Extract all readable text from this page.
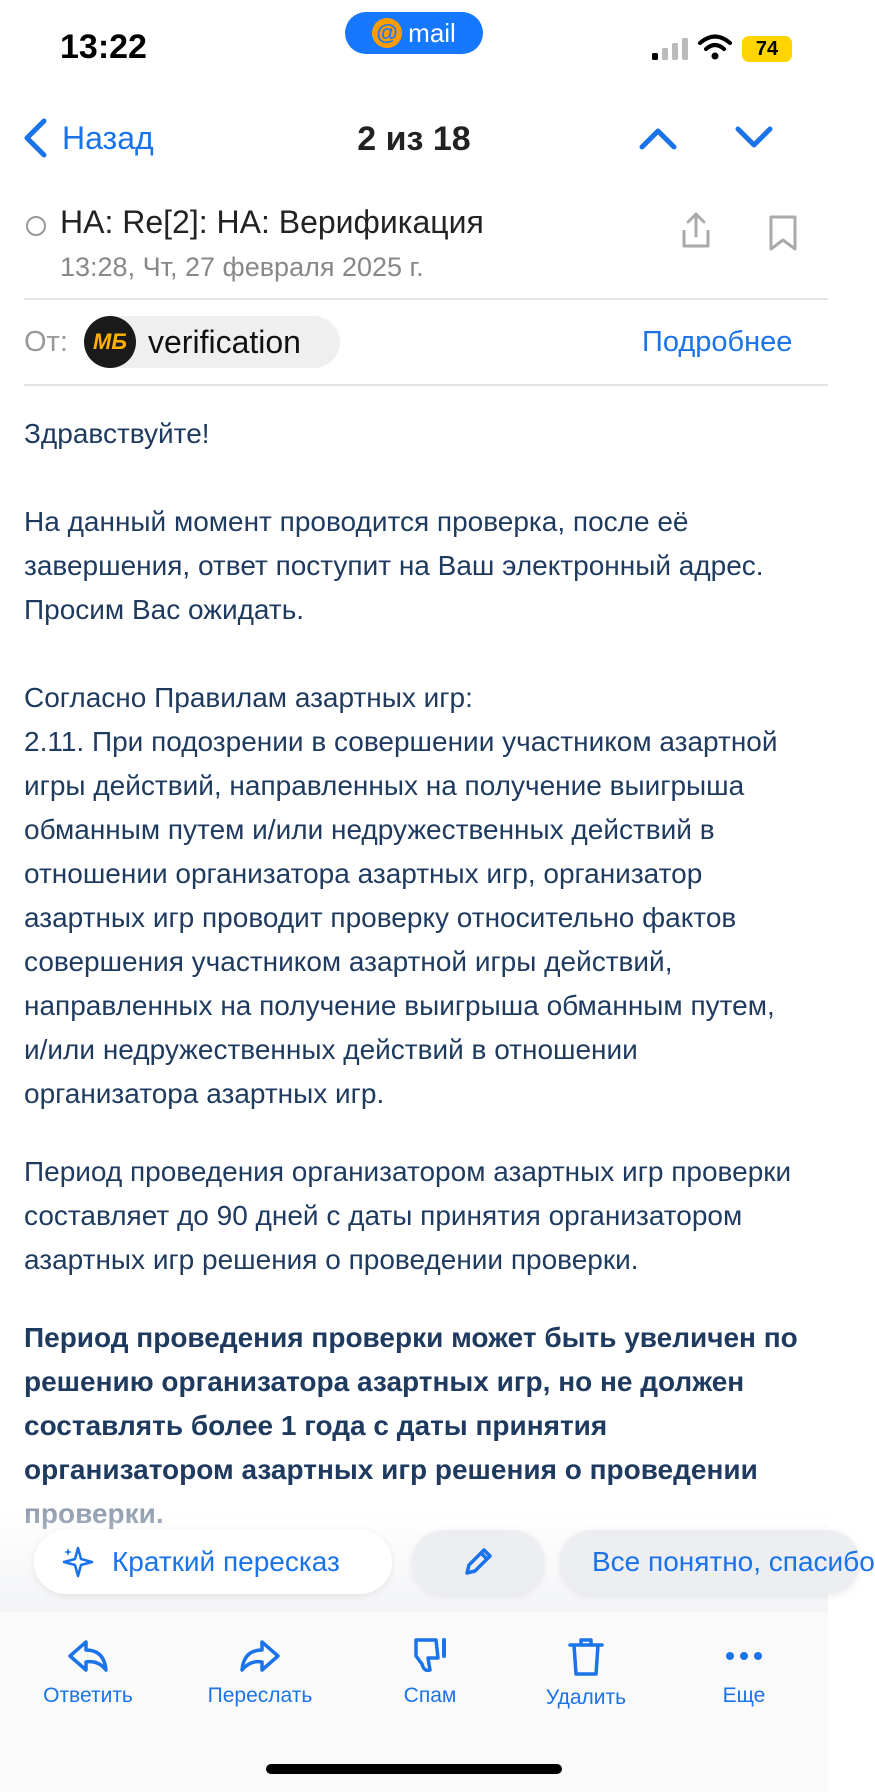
13:22	@ mail
74
Назад	2 из 18
НА: Re[2]: НА: Верификация
13:28, Чт, 27 февраля 2025 г.
От:	МБ verification	Подробнее

Здравствуйте!

На данный момент проводится проверка, после её завершения, ответ поступит на Ваш электронный адрес. Просим Вас ожидать.

Согласно Правилам азартных игр:

2.11. При подозрении в совершении участником азартной игры действий, направленных на получение выигрыша обманным путем и/или недружественных действий в отношении организатора азартных игр, организатор азартных игр проводит проверку относительно фактов совершения участником азартной игры действий, направленных на получение выигрыша обманным путем, и/или недружественных действий в отношении организатора азартных игр.

Период проведения организатором азартных игр проверки составляет до 90 дней с даты принятия организатором азартных игр решения о проведении проверки.

Период проведения проверки может быть увеличен по решению организатора азартных игр, но не должен составлять более 1 года с даты принятия организатором азартных игр решения о проведении

Краткий пересказ	Все понятно, спасибо
Ответить	Переслать	Спам	Удалить	Еще
